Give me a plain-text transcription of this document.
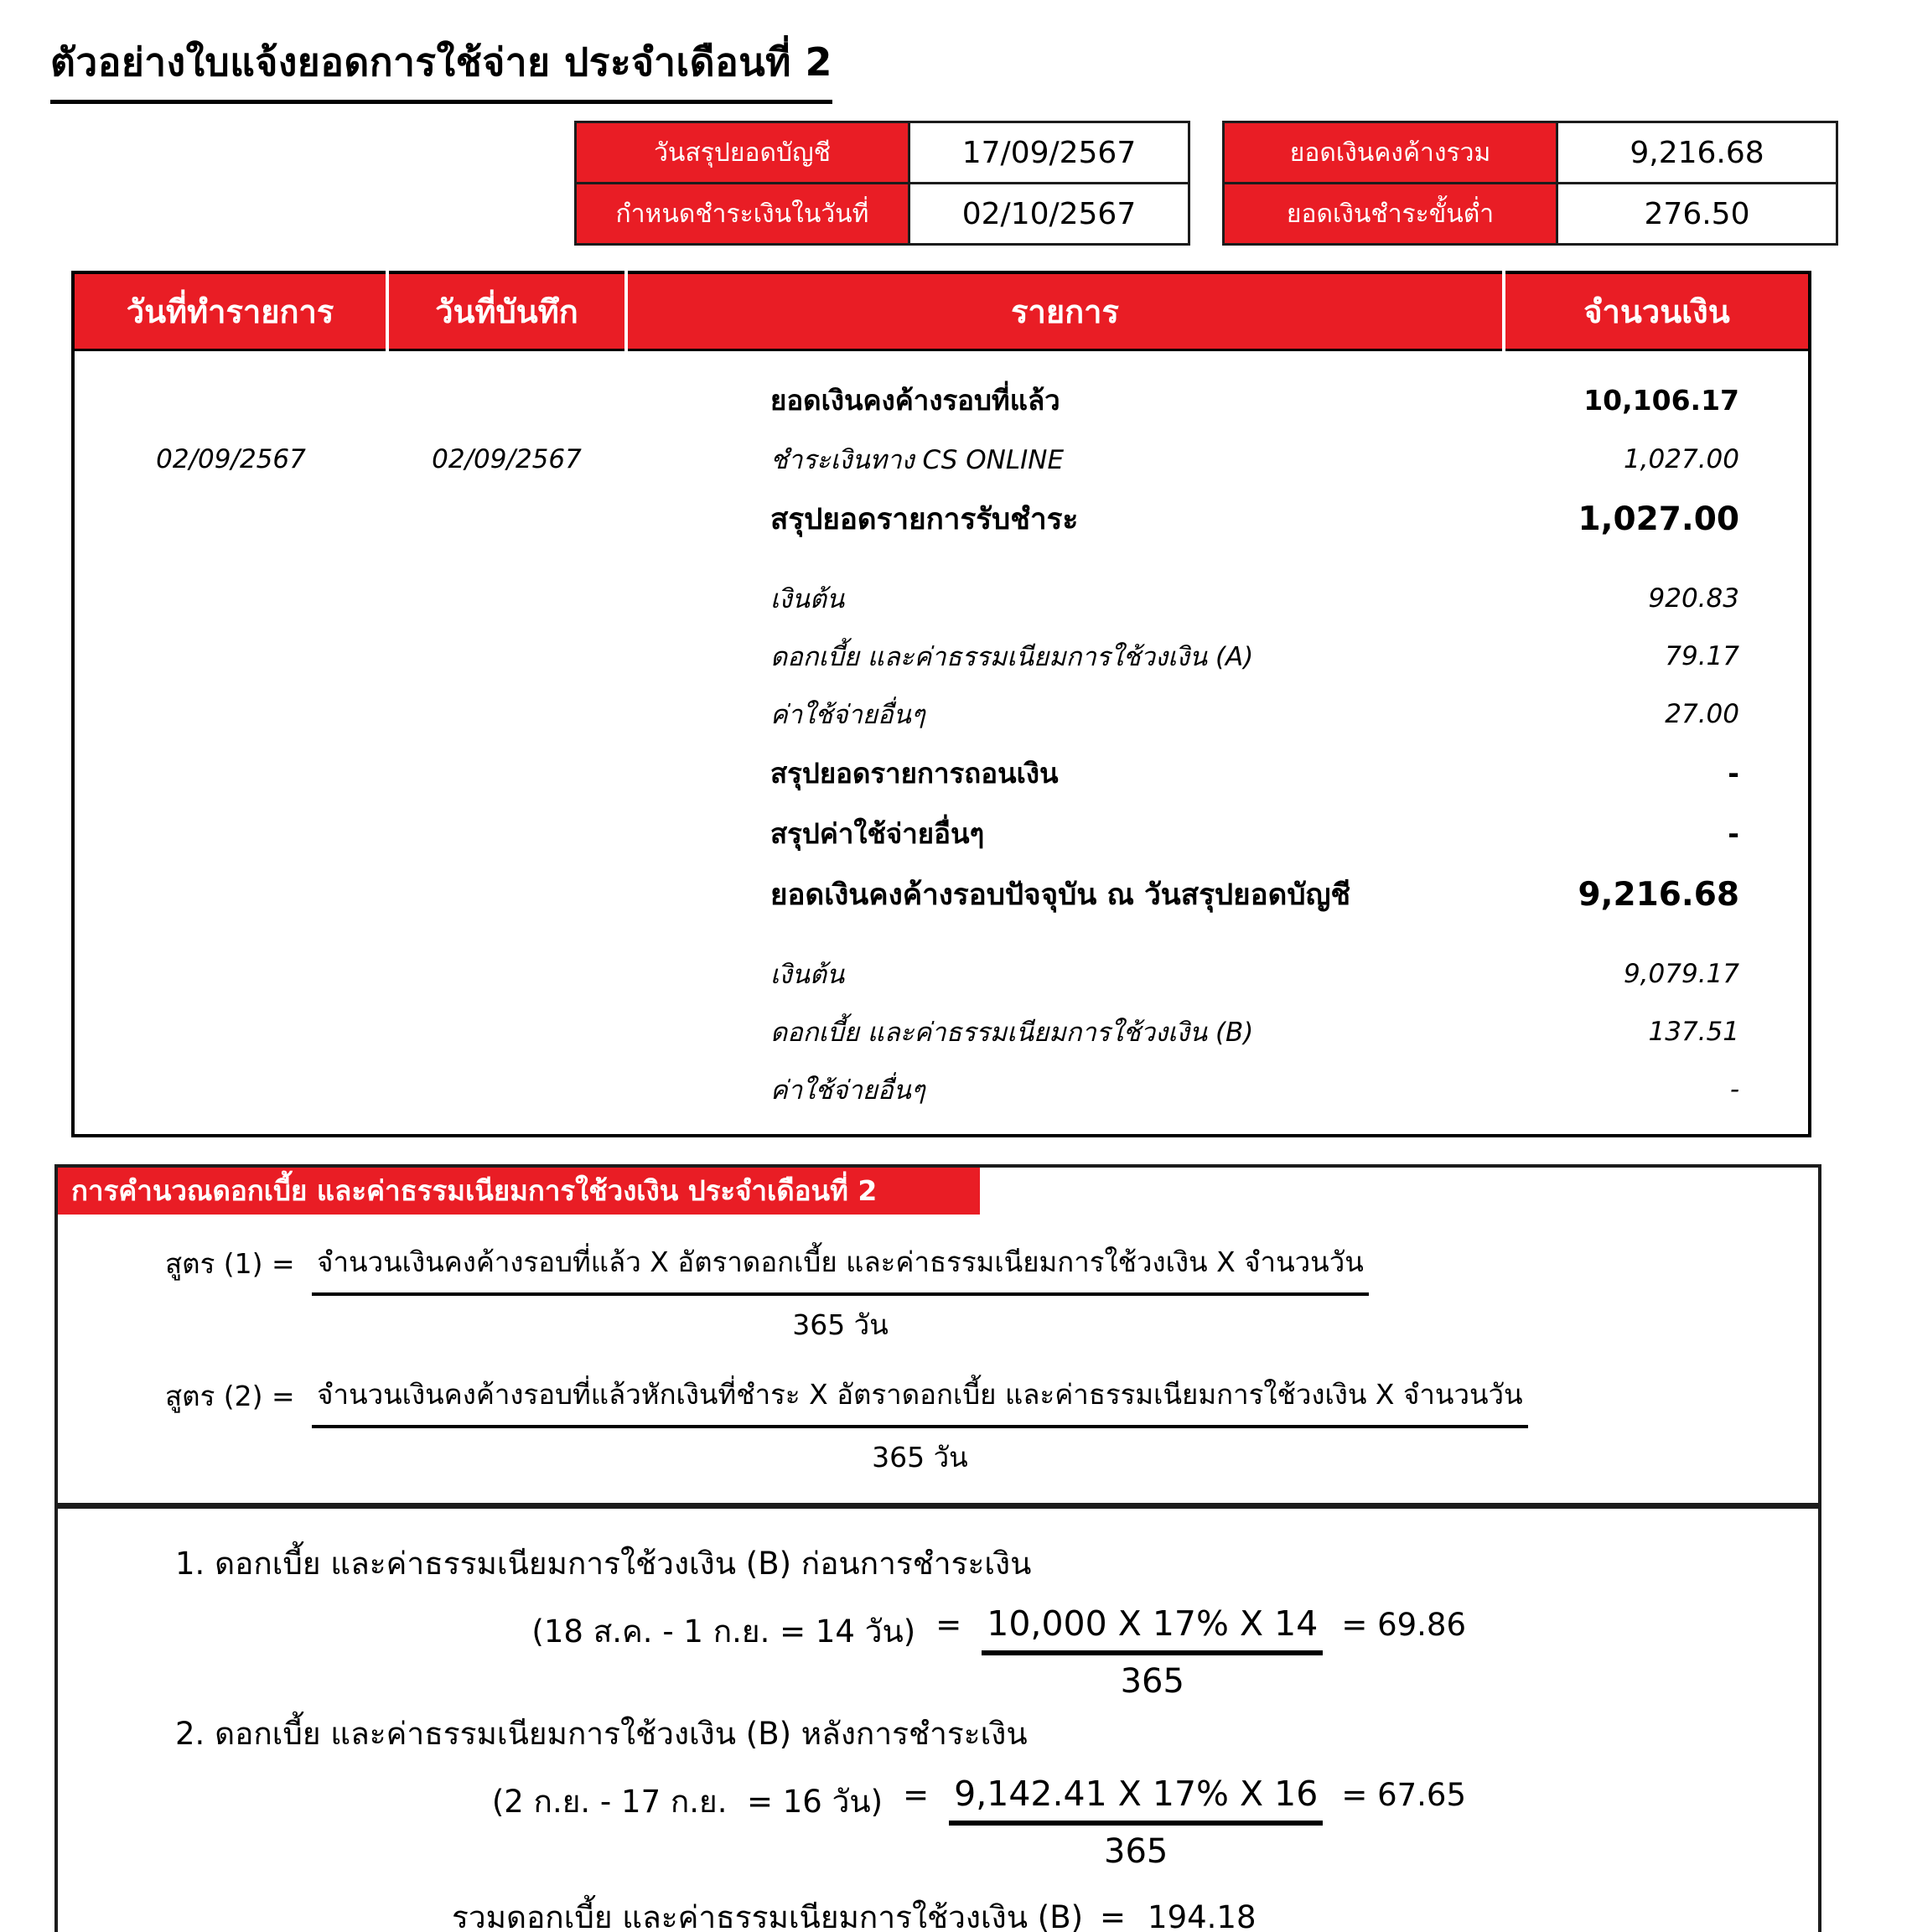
ตัวอย่างใบแจ้งยอดการใช้จ่าย ประจำเดือนที่ 2
วันสรุปยอดบัญชี	17/09/2567
กำหนดชำระเงินในวันที่	02/10/2567
ยอดเงินคงค้างรวม	9,216.68
ยอดเงินชำระขั้นต่ำ	276.50
วันที่ทำรายการ	วันที่บันทึก	รายการ	จำนวนเงิน
		ยอดเงินคงค้างรอบที่แล้ว	10,106.17
02/09/2567	02/09/2567	ชำระเงินทาง CS ONLINE	1,027.00
		สรุปยอดรายการรับชำระ	1,027.00
		เงินต้น	920.83
		ดอกเบี้ย และค่าธรรมเนียมการใช้วงเงิน (A)	79.17
		ค่าใช้จ่ายอื่นๆ	27.00
		สรุปยอดรายการถอนเงิน	-
		สรุปค่าใช้จ่ายอื่นๆ	-
		ยอดเงินคงค้างรอบปัจจุบัน ณ วันสรุปยอดบัญชี	9,216.68
		เงินต้น	9,079.17
		ดอกเบี้ย และค่าธรรมเนียมการใช้วงเงิน (B)	137.51
		ค่าใช้จ่ายอื่นๆ	-
การคำนวณดอกเบี้ย และค่าธรรมเนียมการใช้วงเงิน ประจำเดือนที่ 2
สูตร (1) = จำนวนเงินคงค้างรอบที่แล้ว X อัตราดอกเบี้ย และค่าธรรมเนียมการใช้วงเงิน X จำนวนวัน
365 วัน
สูตร (2) = จำนวนเงินคงค้างรอบที่แล้วหักเงินที่ชำระ X อัตราดอกเบี้ย และค่าธรรมเนียมการใช้วงเงิน X จำนวนวัน
365 วัน
1. ดอกเบี้ย และค่าธรรมเนียมการใช้วงเงิน (B) ก่อนการชำระเงิน
(18 ส.ค. - 1 ก.ย. = 14 วัน) = $\frac{10,000 X 17\% X 14}{365} = 69.86$
2. ดอกเบี้ย และค่าธรรมเนียมการใช้วงเงิน (B) หลังการชำระเงิน
(2 ก.ย. - 17 ก.ย.  = 16 วัน) = $\frac{9,142.41 X 17\% X 16}{365} = 67.65$
รวมดอกเบี้ย และค่าธรรมเนียมการใช้วงเงิน (B) = 194.18
